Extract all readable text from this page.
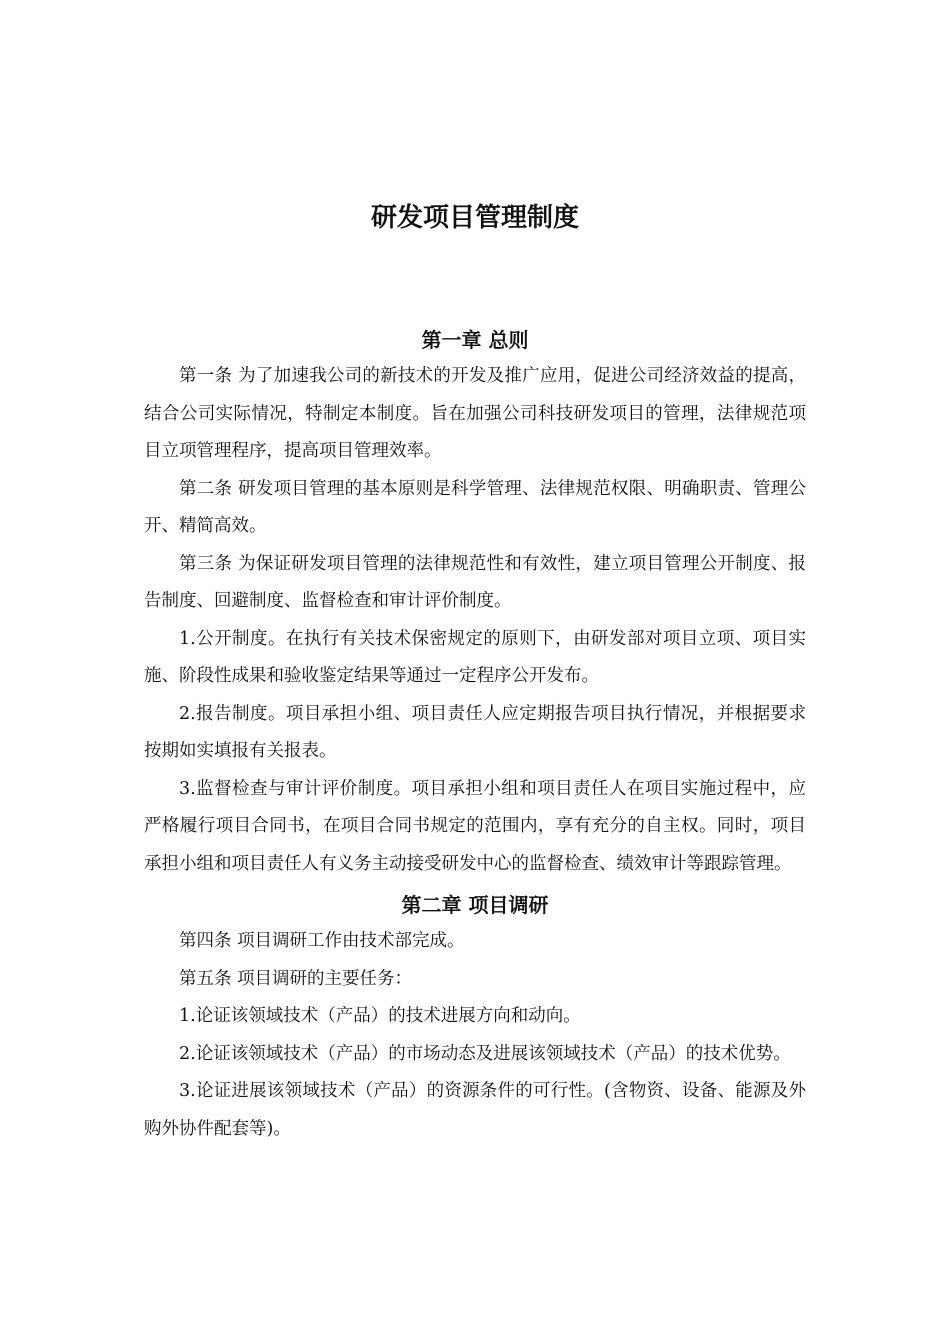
研发项目管理制度
第一章 总则

第一条 为了加速我公司的新技术的开发及推广应用，促进公司经济效益的提高，结合公司实际情况，特制定本制度。旨在加强公司科技研发项目的管理，法律规范项目立项管理程序，提高项目管理效率。

第二条 研发项目管理的基本原则是科学管理、法律规范权限、明确职责、管理公开、精简高效。

第三条 为保证研发项目管理的法律规范性和有效性，建立项目管理公开制度、报告制度、回避制度、监督检查和审计评价制度。

1.公开制度。在执行有关技术保密规定的原则下，由研发部对项目立项、项目实施、阶段性成果和验收鉴定结果等通过一定程序公开发布。

2.报告制度。项目承担小组、项目责任人应定期报告项目执行情况，并根据要求按期如实填报有关报表。

3.监督检查与审计评价制度。项目承担小组和项目责任人在项目实施过程中，应严格履行项目合同书，在项目合同书规定的范围内，享有充分的自主权。同时，项目承担小组和项目责任人有义务主动接受研发中心的监督检查、绩效审计等跟踪管理。

第二章 项目调研

第四条 项目调研工作由技术部完成。

第五条 项目调研的主要任务：

1.论证该领域技术（产品）的技术进展方向和动向。

2.论证该领域技术（产品）的市场动态及进展该领域技术（产品）的技术优势。

3.论证进展该领域技术（产品）的资源条件的可行性。(含物资、设备、能源及外购外协件配套等)。
